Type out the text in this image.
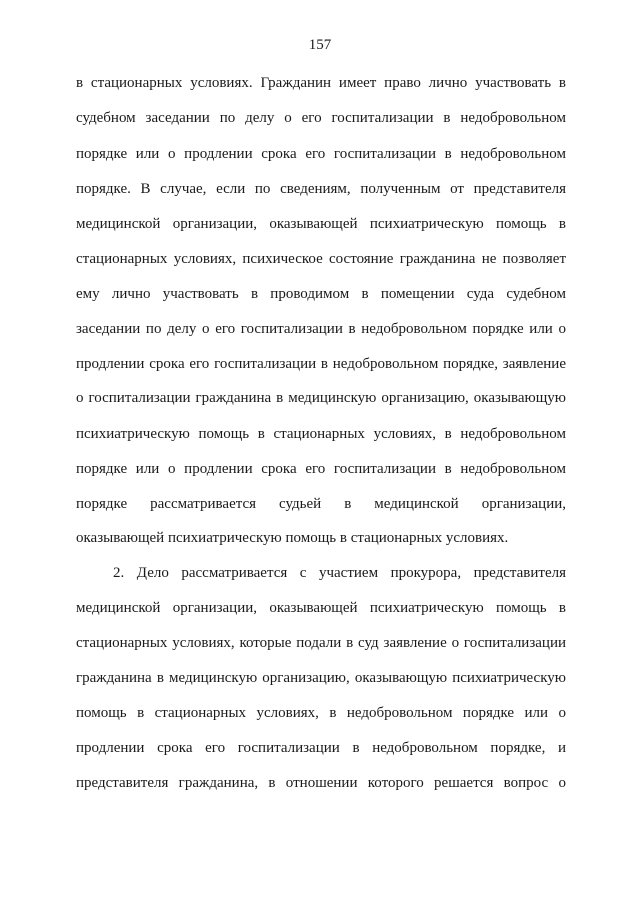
157
в стационарных условиях. Гражданин имеет право лично участвовать в
судебном заседании по делу о его госпитализации в недобровольном
порядке или о продлении срока его госпитализации в недобровольном
порядке. В случае, если по сведениям, полученным от представителя
медицинской организации, оказывающей психиатрическую помощь в
стационарных условиях, психическое состояние гражданина не позволяет
ему лично участвовать в проводимом в помещении суда судебном
заседании по делу о его госпитализации в недобровольном порядке или о
продлении срока его госпитализации в недобровольном порядке, заявление
о госпитализации гражданина в медицинскую организацию, оказывающую
психиатрическую помощь в стационарных условиях, в недобровольном
порядке или о продлении срока его госпитализации в недобровольном
порядке рассматривается судьей в медицинской организации,
оказывающей психиатрическую помощь в стационарных условиях.
2. Дело рассматривается с участием прокурора, представителя
медицинской организации, оказывающей психиатрическую помощь в
стационарных условиях, которые подали в суд заявление о госпитализации
гражданина в медицинскую организацию, оказывающую психиатрическую
помощь в стационарных условиях, в недобровольном порядке или о
продлении срока его госпитализации в недобровольном порядке, и
представителя гражданина, в отношении которого решается вопрос о
